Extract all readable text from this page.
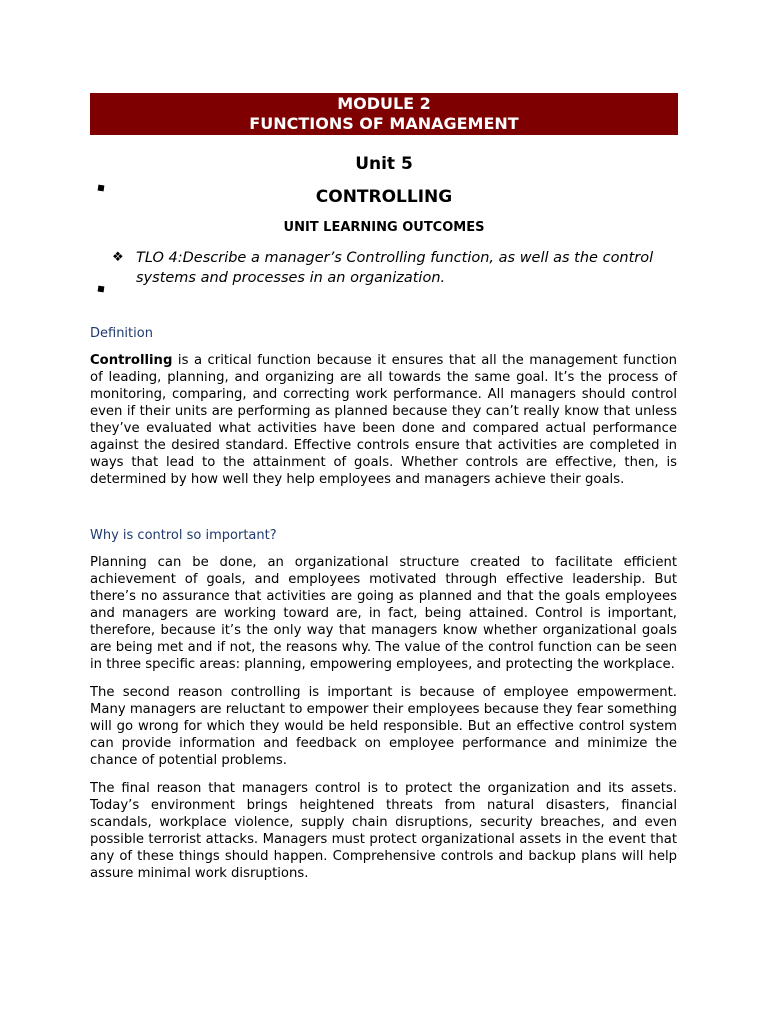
MODULE 2
FUNCTIONS OF MANAGEMENT
Unit 5
CONTROLLING
UNIT LEARNING OUTCOMES
❖ TLO 4:Describe a manager’s Controlling function, as well as the control systems and processes in an organization.
Definition
Controlling is a critical function because it ensures that all the management function of leading, planning, and organizing are all towards the same goal. It’s the process of monitoring, comparing, and correcting work performance. All managers should control even if their units are performing as planned because they can’t really know that unless they’ve evaluated what activities have been done and compared actual performance against the desired standard. Effective controls ensure that activities are completed in ways that lead to the attainment of goals. Whether controls are effective, then, is determined by how well they help employees and managers achieve their goals.
Why is control so important?
Planning can be done, an organizational structure created to facilitate efficient achievement of goals, and employees motivated through effective leadership. But there’s no assurance that activities are going as planned and that the goals employees and managers are working toward are, in fact, being attained. Control is important, therefore, because it’s the only way that managers know whether organizational goals are being met and if not, the reasons why. The value of the control function can be seen in three specific areas: planning, empowering employees, and protecting the workplace.
The second reason controlling is important is because of employee empowerment. Many managers are reluctant to empower their employees because they fear something will go wrong for which they would be held responsible. But an effective control system can provide information and feedback on employee performance and minimize the chance of potential problems.
The final reason that managers control is to protect the organization and its assets. Today’s environment brings heightened threats from natural disasters, financial scandals, workplace violence, supply chain disruptions, security breaches, and even possible terrorist attacks. Managers must protect organizational assets in the event that any of these things should happen. Comprehensive controls and backup plans will help assure minimal work disruptions.
